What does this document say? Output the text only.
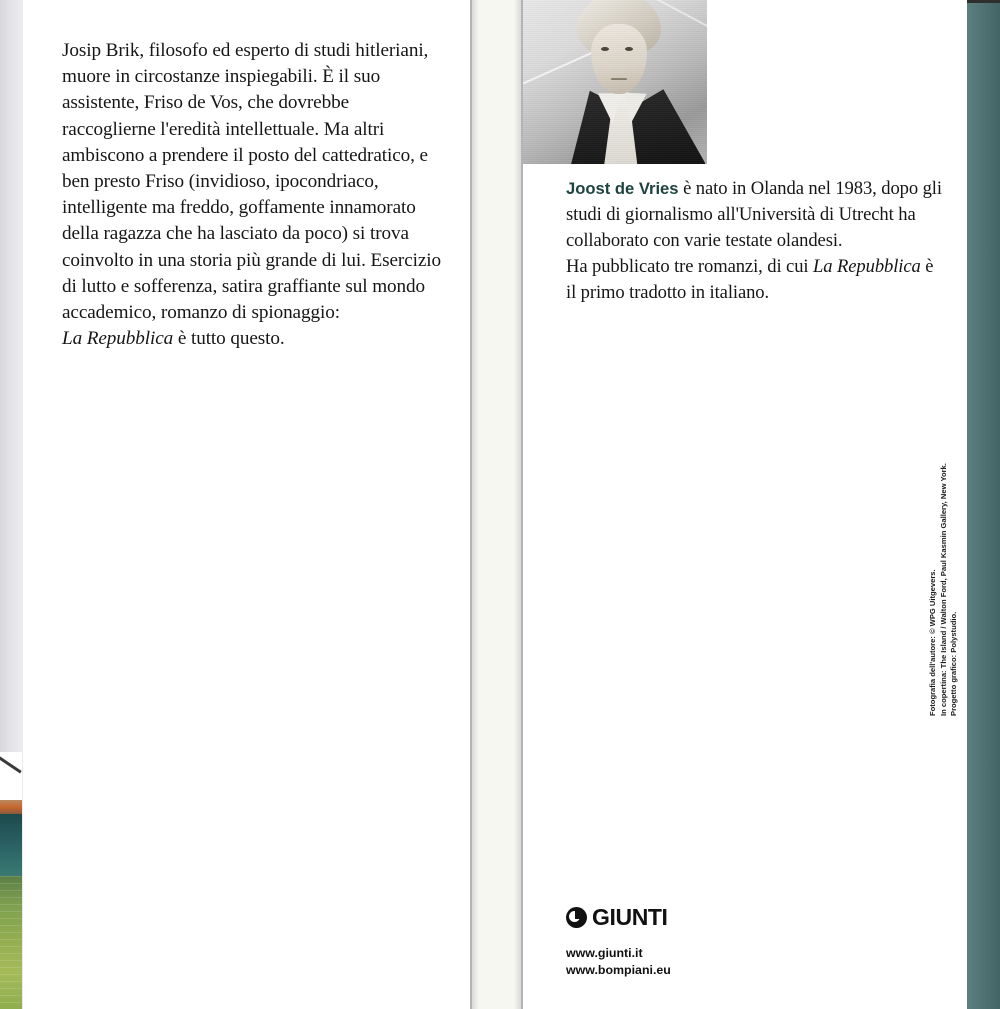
Josip Brik, filosofo ed esperto di studi hitleriani, muore in circostanze inspiegabili. È il suo assistente, Friso de Vos, che dovrebbe raccoglierne l'eredità intellettuale. Ma altri ambiscono a prendere il posto del cattedratico, e ben presto Friso (invidioso, ipocondriaco, intelligente ma freddo, goffamente innamorato della ragazza che ha lasciato da poco) si trova coinvolto in una storia più grande di lui. Esercizio di lutto e sofferenza, satira graffiante sul mondo accademico, romanzo di spionaggio:
La Repubblica è tutto questo.
Joost de Vries è nato in Olanda nel 1983, dopo gli studi di giornalismo all'Università di Utrecht ha collaborato con varie testate olandesi.
Ha pubblicato tre romanzi, di cui La Repubblica è il primo tradotto in italiano.
GIUNTI
www.giunti.it
www.bompiani.eu
Fotografia dell'autore: © WPG Uitgevers. In copertina: The Island / Walton Ford, Paul Kasmin Gallery, New York. Progetto grafico: Polystudio.
